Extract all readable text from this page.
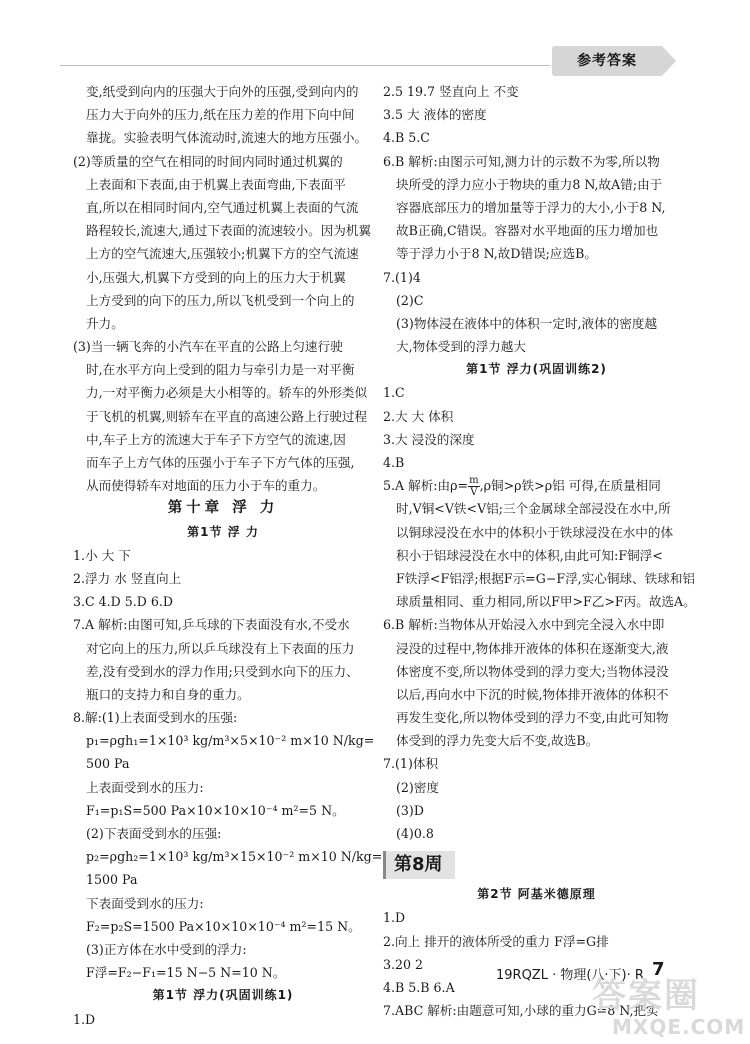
参考答案
变,纸受到向内的压强大于向外的压强,受到向内的
压力大于向外的压力,纸在压力差的作用下向中间
靠拢。实验表明气体流动时,流速大的地方压强小。
(2)等质量的空气在相同的时间内同时通过机翼的
上表面和下表面,由于机翼上表面弯曲,下表面平
直,所以在相同时间内,空气通过机翼上表面的气流
路程较长,流速大,通过下表面的流速较小。因为机翼
上方的空气流速大,压强较小;机翼下方的空气流速
小,压强大,机翼下方受到的向上的压力大于机翼
上方受到的向下的压力,所以飞机受到一个向上的
升力。
(3)当一辆飞奔的小汽车在平直的公路上匀速行驶
时,在水平方向上受到的阻力与牵引力是一对平衡
力,一对平衡力必须是大小相等的。轿车的外形类似
于飞机的机翼,则轿车在平直的高速公路上行驶过程
中,车子上方的流速大于车子下方空气的流速,因
而车子上方气体的压强小于车子下方气体的压强,
从而使得轿车对地面的压力小于车的重力。
第十章 浮 力
第1节 浮 力
1.小 大 下
2.浮力 水 竖直向上
3.C 4.D 5.D 6.D
7.A 解析:由图可知,乒乓球的下表面没有水,不受水
对它向上的压力,所以乒乓球没有上下表面的压力
差,没有受到水的浮力作用;只受到水向下的压力、
瓶口的支持力和自身的重力。
8.解:(1)上表面受到水的压强:
p₁=ρgh₁=1×10³ kg/m³×5×10⁻² m×10 N/kg=
500 Pa
上表面受到水的压力:
F₁=p₁S=500 Pa×10×10×10⁻⁴ m²=5 N。
(2)下表面受到水的压强:
p₂=ρgh₂=1×10³ kg/m³×15×10⁻² m×10 N/kg=
1500 Pa
下表面受到水的压力:
F₂=p₂S=1500 Pa×10×10×10⁻⁴ m²=15 N。
(3)正方体在水中受到的浮力:
F浮=F₂−F₁=15 N−5 N=10 N。
第1节 浮力(巩固训练1)
1.D
2.5 19.7 竖直向上 不变
3.5 大 液体的密度
4.B 5.C
6.B 解析:由图示可知,测力计的示数不为零,所以物
块所受的浮力应小于物块的重力8 N,故A错;由于
容器底部压力的增加量等于浮力的大小,小于8 N,
故B正确,C错误。容器对水平地面的压力增加也
等于浮力小于8 N,故D错误;应选B。
7.(1)4
(2)C
(3)物体浸在液体中的体积一定时,液体的密度越
大,物体受到的浮力越大
第1节 浮力(巩固训练2)
1.C
2.大 大 体积
3.大 浸没的深度
4.B
5.A 解析:由$\rho= \frac{m}{V} ,\rho$铜>ρ铁>ρ铝 可得,在质量相同
时,V铜<V铁<V铝;三个金属球全部浸没在水中,所
以铜球浸没在水中的体积小于铁球浸没在水中的体
积小于铝球浸没在水中的体积,由此可知:F铜浮<
F铁浮<F铝浮;根据F示=G−F浮,实心铜球、铁球和铝
球质量相同、重力相同,所以F甲>F乙>F丙。故选A。
6.B 解析:当物体从开始浸入水中到完全浸入水中即
浸没的过程中,物体排开液体的体积在逐渐变大,液
体密度不变,所以物体受到的浮力变大;当物体浸没
以后,再向水中下沉的时候,物体排开液体的体积不
再发生变化,所以物体受到的浮力不变,由此可知物
体受到的浮力先变大后不变,故选B。
7.(1)体积
(2)密度
(3)D
(4)0.8
第8周
第2节 阿基米德原理
1.D
2.向上 排开的液体所受的重力 F浮=G排
3.20 2
4.B 5.B 6.A
7.ABC 解析:由题意可知,小球的重力G=8 N,把实
19RQZL · 物理(八·下)· R 7
答案圈
MXQE.COM
